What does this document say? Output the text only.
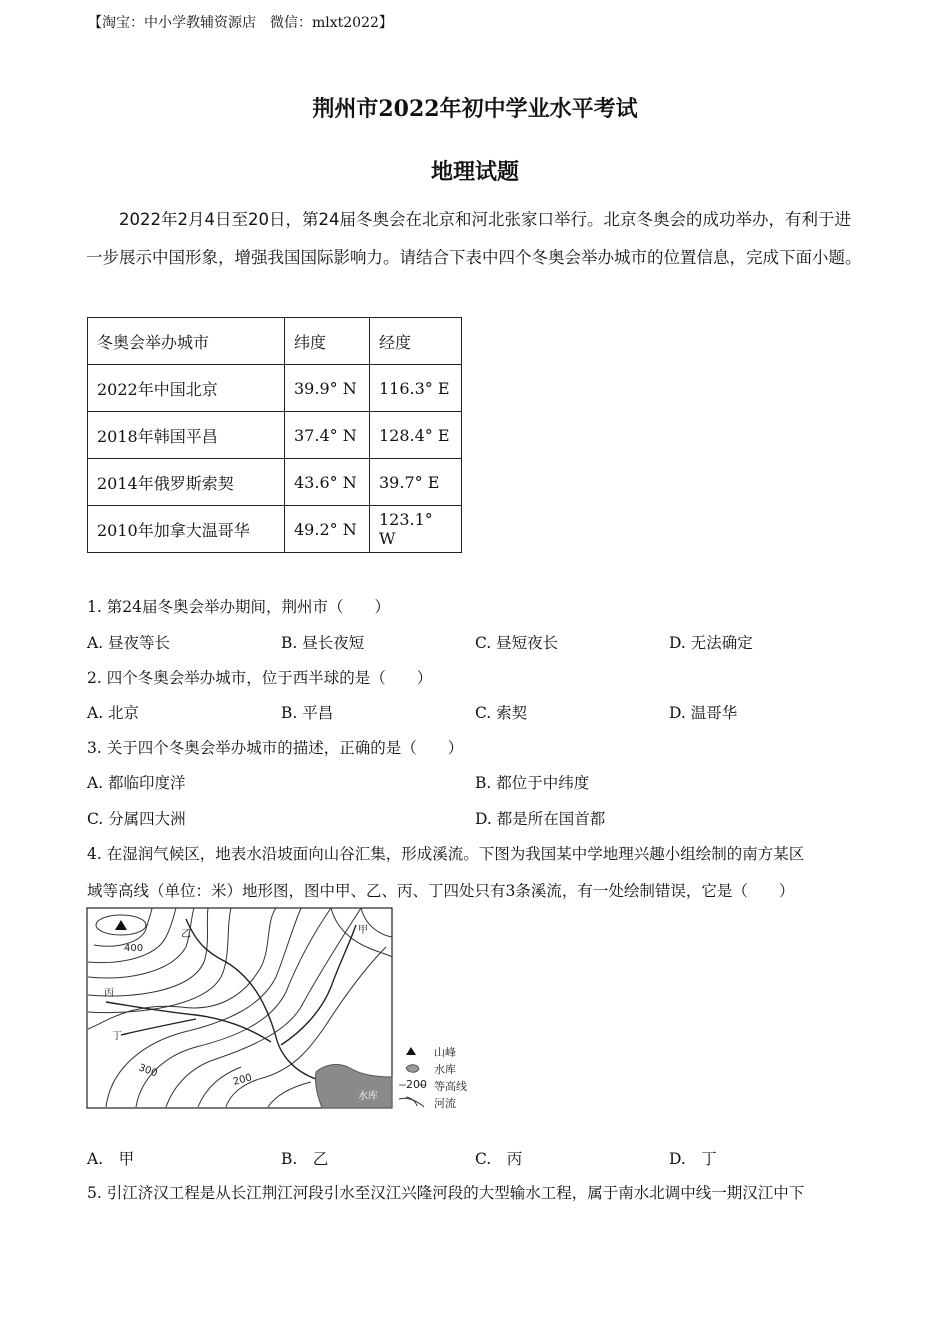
【淘宝：中小学教辅资源店　微信：mlxt2022】
荆州市2022年初中学业水平考试
地理试题
2022年2月4日至20日，第24届冬奥会在北京和河北张家口举行。北京冬奥会的成功举办，有利于进一步展示中国形象，增强我国国际影响力。请结合下表中四个冬奥会举办城市的位置信息，完成下面小题。
冬奥会举办城市	纬度	经度
2022年中国北京	39.9° N	116.3° E
2018年韩国平昌	37.4° N	128.4° E
2014年俄罗斯索契	43.6° N	39.7° E
2010年加拿大温哥华	49.2° N	123.1° W
1. 第24届冬奥会举办期间，荆州市（　　）
A. 昼夜等长	B. 昼长夜短	C. 昼短夜长	D. 无法确定
2. 四个冬奥会举办城市，位于西半球的是（　　）
A. 北京	B. 平昌	C. 索契	D. 温哥华
3. 关于四个冬奥会举办城市的描述，正确的是（　　）
A. 都临印度洋	B. 都位于中纬度
C. 分属四大洲	D. 都是所在国首都
4. 在湿润气候区，地表水沿坡面向山谷汇集，形成溪流。下图为我国某中学地理兴趣小组绘制的南方某区
域等高线（单位：米）地形图，图中甲、乙、丙、丁四处只有3条溪流，有一处绘制错误，它是（　　）
400
乙	甲
丙
丁
300
200
水库
200
山峰
水库
等高线
河流
A.　甲	B.　乙	C.　丙	D.　丁
5. 引江济汉工程是从长江荆江河段引水至汉江兴隆河段的大型输水工程，属于南水北调中线一期汉江中下
